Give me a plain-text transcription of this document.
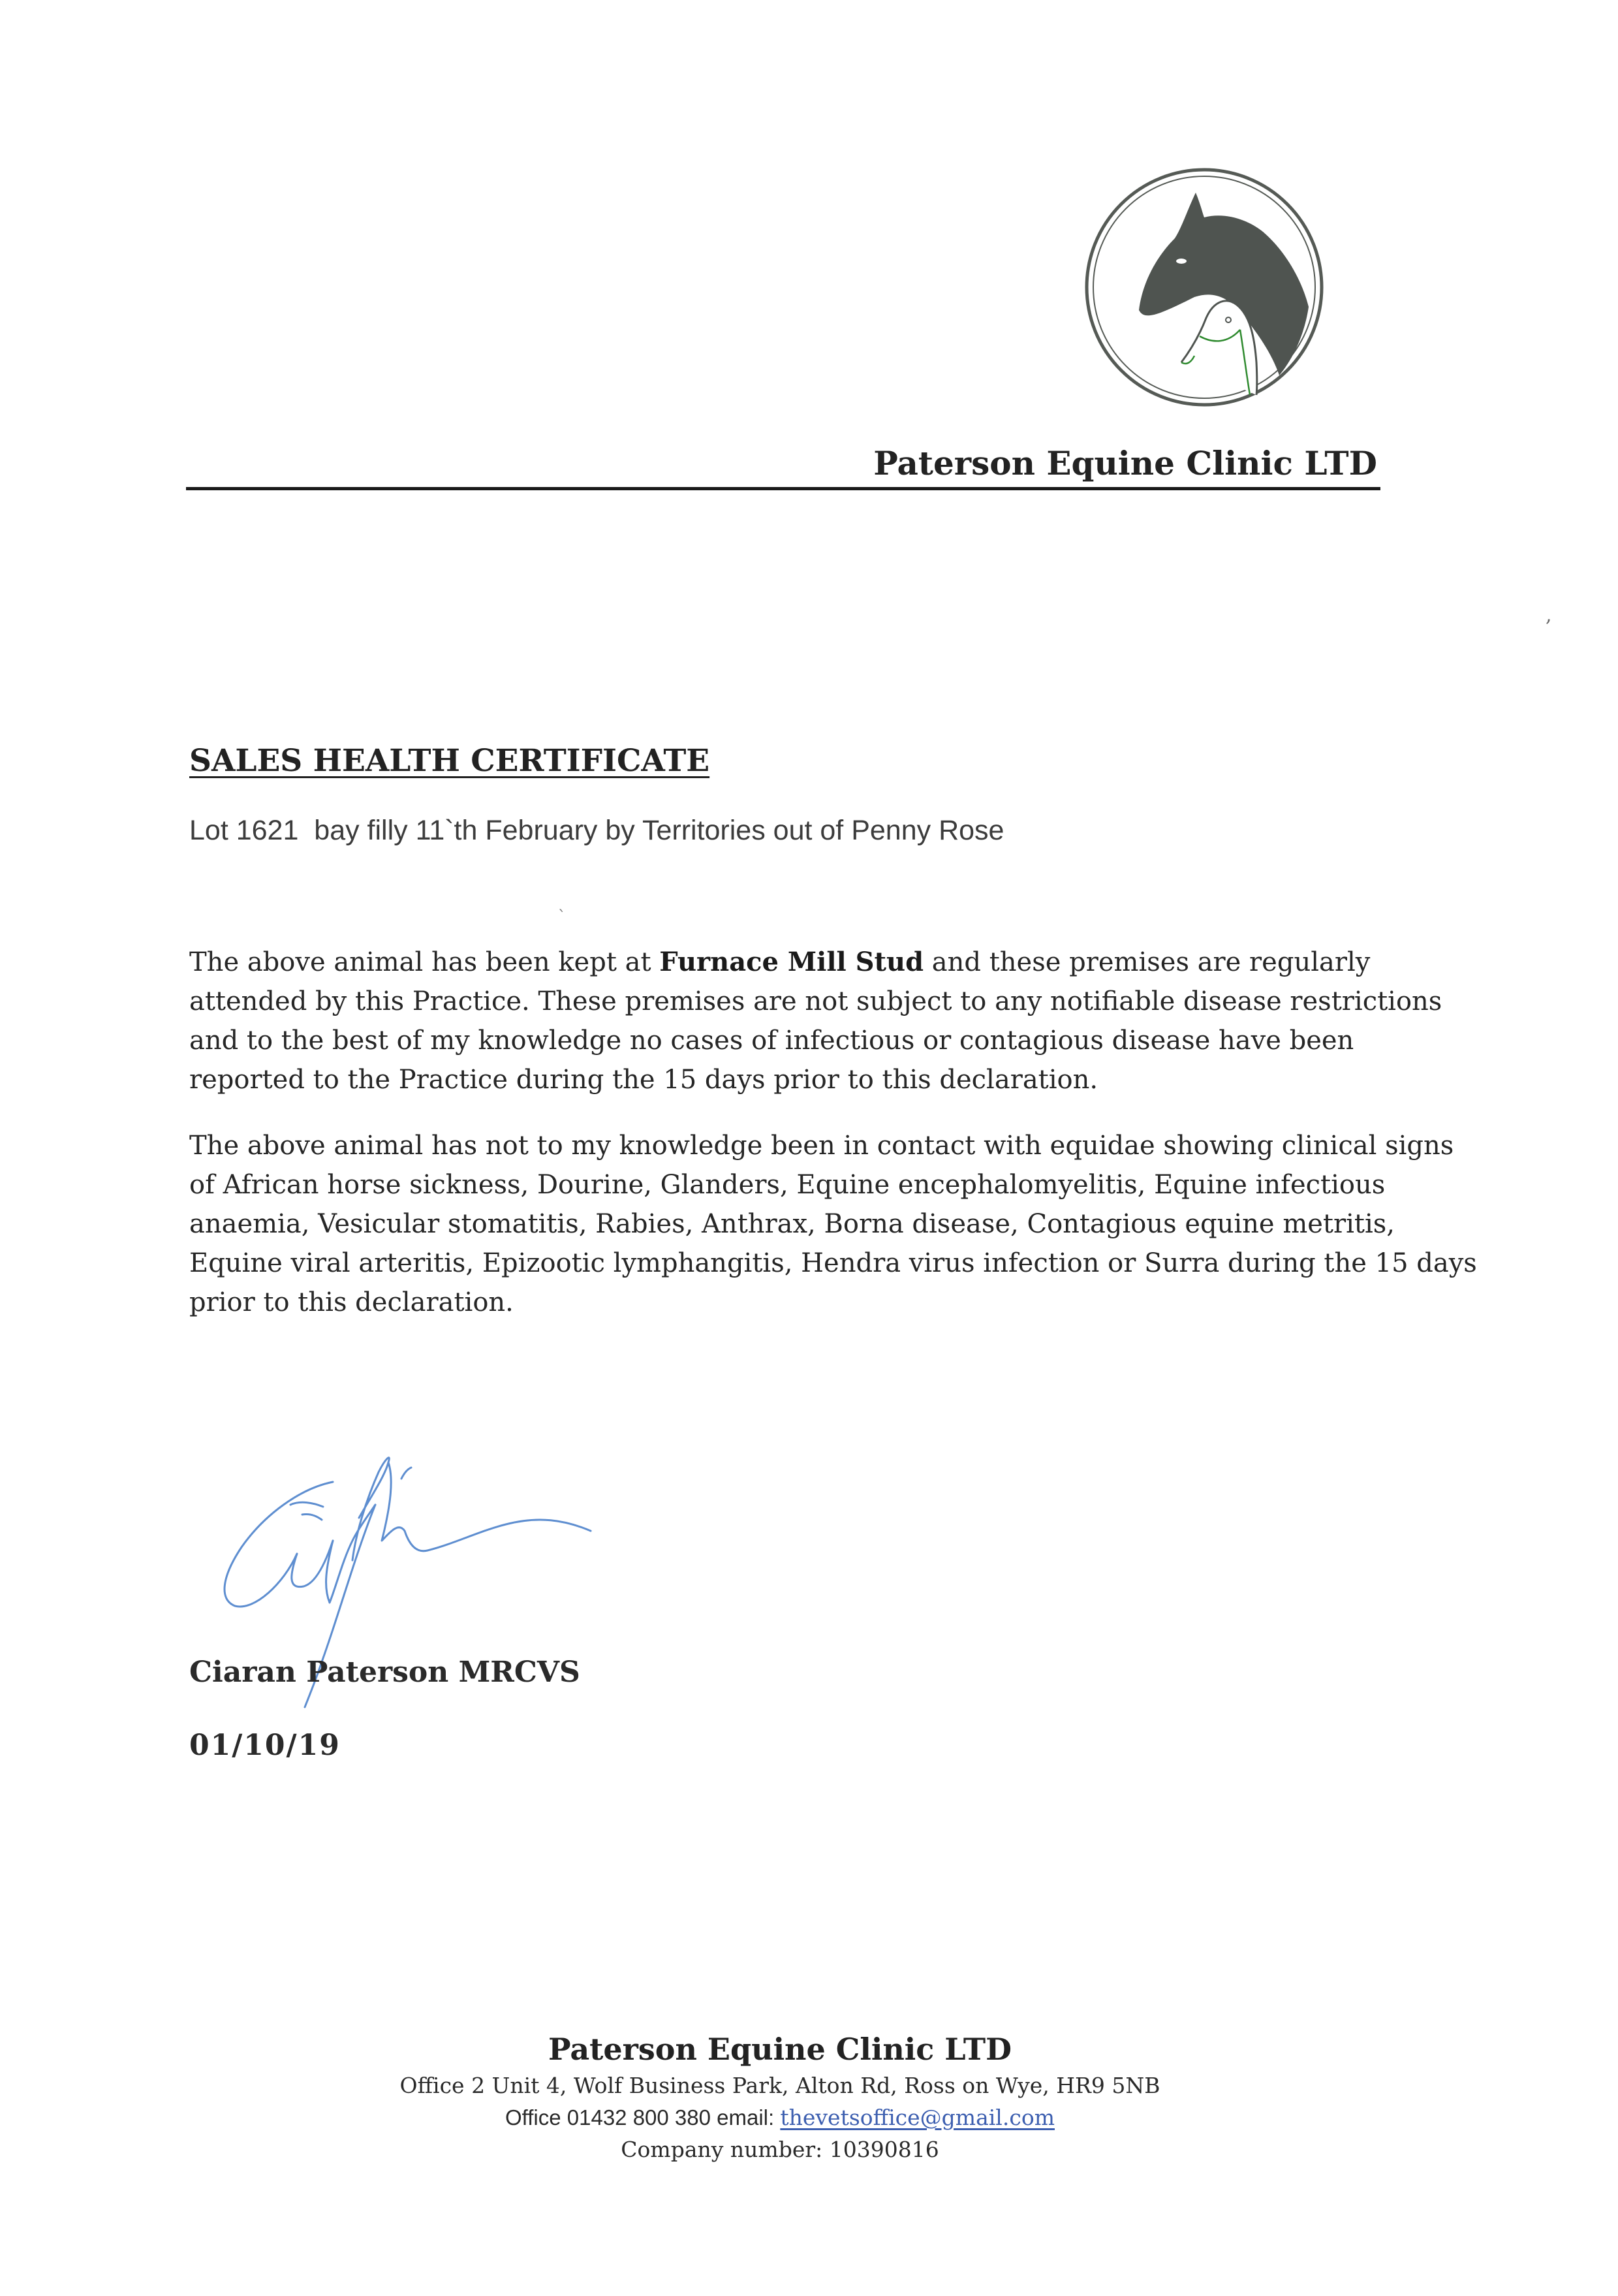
Paterson Equine Clinic LTD
,
SALES HEALTH CERTIFICATE
Lot 1621  bay filly 11`th February by Territories out of Penny Rose
`
The above animal has been kept at Furnace Mill Stud and these premises are regularly
attended by this Practice. These premises are not subject to any notifiable disease restrictions
and to the best of my knowledge no cases of infectious or contagious disease have been
reported to the Practice during the 15 days prior to this declaration.
The above animal has not to my knowledge been in contact with equidae showing clinical signs
of African horse sickness, Dourine, Glanders, Equine encephalomyelitis, Equine infectious
anaemia, Vesicular stomatitis, Rabies, Anthrax, Borna disease, Contagious equine metritis,
Equine viral arteritis, Epizootic lymphangitis, Hendra virus infection or Surra during the 15 days
prior to this declaration.
Ciaran Paterson MRCVS
01/10/19
Paterson Equine Clinic LTD
Office 2 Unit 4, Wolf Business Park, Alton Rd, Ross on Wye, HR9 5NB
Office 01432 800 380 email: thevetsoffice@gmail.com
Company number: 10390816
